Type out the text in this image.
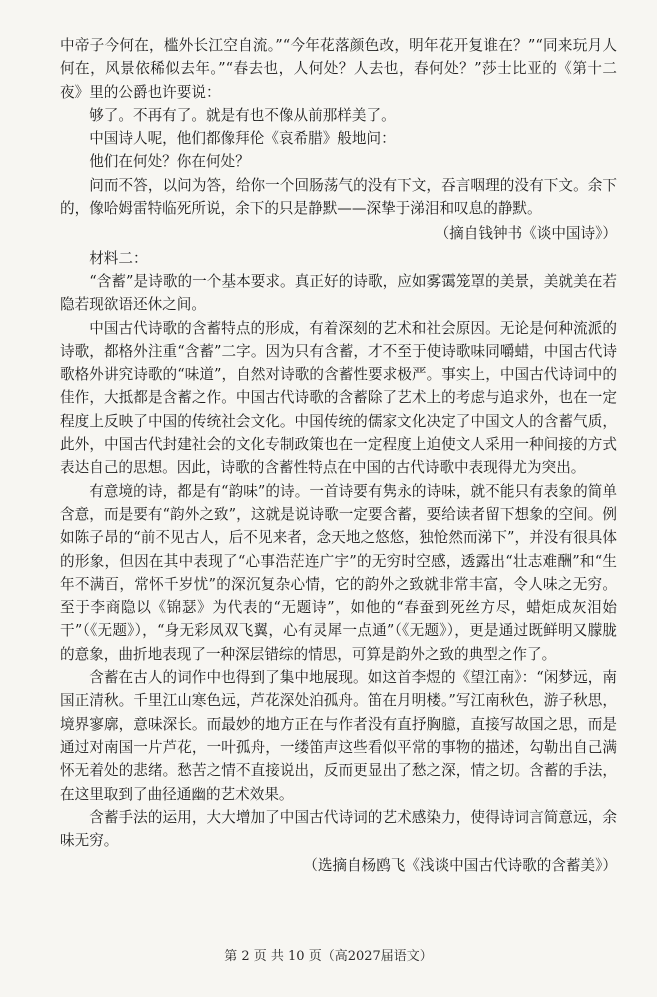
中帝子今何在，槛外长江空自流。”“今年花落颜色改，明年花开复谁在？”“同来玩月人何在，风景依稀似去年。”“春去也，人何处？人去也，春何处？”莎士比亚的《第十二夜》里的公爵也许要说：

够了。不再有了。就是有也不像从前那样美了。

中国诗人呢，他们都像拜伦《哀希腊》般地问：

他们在何处？你在何处？

问而不答，以问为答，给你一个回肠荡气的没有下文，吞言咽理的没有下文。余下的，像哈姆雷特临死所说，余下的只是静默——深挚于涕泪和叹息的静默。

（摘自钱钟书《谈中国诗》）

材料二：

“含蓄”是诗歌的一个基本要求。真正好的诗歌，应如雾霭笼罩的美景，美就美在若隐若现欲语还休之间。

中国古代诗歌的含蓄特点的形成，有着深刻的艺术和社会原因。无论是何种流派的诗歌，都格外注重“含蓄”二字。因为只有含蓄，才不至于使诗歌味同嚼蜡，中国古代诗歌格外讲究诗歌的“味道”，自然对诗歌的含蓄性要求极严。事实上，中国古代诗词中的佳作，大抵都是含蓄之作。中国古代诗歌的含蓄除了艺术上的考虑与追求外，也在一定程度上反映了中国的传统社会文化。中国传统的儒家文化决定了中国文人的含蓄气质，此外，中国古代封建社会的文化专制政策也在一定程度上迫使文人采用一种间接的方式表达自己的思想。因此，诗歌的含蓄性特点在中国的古代诗歌中表现得尤为突出。

有意境的诗，都是有“韵味”的诗。一首诗要有隽永的诗味，就不能只有表象的简单含意，而是要有“韵外之致”，这就是说诗歌一定要含蓄，要给读者留下想象的空间。例如陈子昂的“前不见古人，后不见来者，念天地之悠悠，独怆然而涕下”，并没有很具体的形象，但因在其中表现了“心事浩茫连广宇”的无穷时空感，透露出“壮志难酬”和“生年不满百，常怀千岁忧”的深沉复杂心情，它的韵外之致就非常丰富，令人味之无穷。至于李商隐以《锦瑟》为代表的“无题诗”，如他的“春蚕到死丝方尽，蜡炬成灰泪始干”（《无题》），“身无彩凤双飞翼，心有灵犀一点通”（《无题》），更是通过既鲜明又朦胧的意象，曲折地表现了一种深层错综的情思，可算是韵外之致的典型之作了。

含蓄在古人的词作中也得到了集中地展现。如这首李煜的《望江南》：“闲梦远，南国正清秋。千里江山寒色远，芦花深处泊孤舟。笛在月明楼。”写江南秋色，游子秋思，境界寥廓，意味深长。而最妙的地方正在与作者没有直抒胸臆，直接写故国之思，而是通过对南国一片芦花，一叶孤舟，一缕笛声这些看似平常的事物的描述，勾勒出自己满怀无着处的悲绪。愁苦之情不直接说出，反而更显出了愁之深，情之切。含蓄的手法，在这里取到了曲径通幽的艺术效果。

含蓄手法的运用，大大增加了中国古代诗词的艺术感染力，使得诗词言简意远，余味无穷。

（选摘自杨鸥飞《浅谈中国古代诗歌的含蓄美》）

第 2 页 共 10 页（高2027届语文）
